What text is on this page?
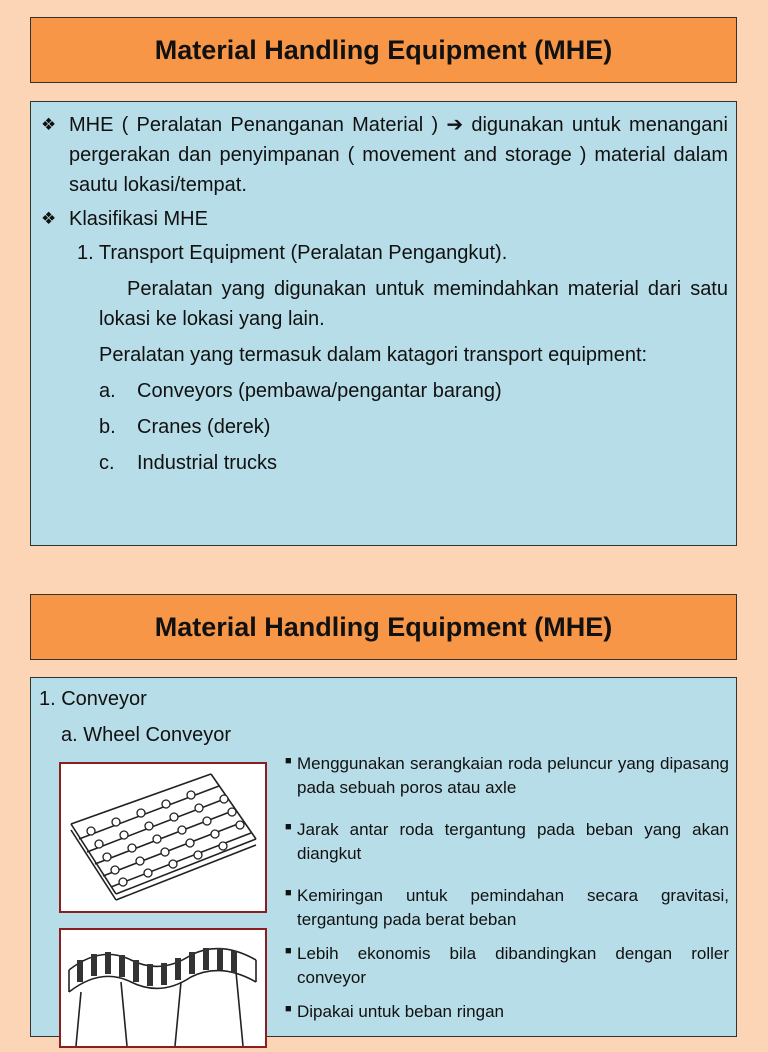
Material Handling Equipment (MHE)
❖ MHE ( Peralatan Penanganan Material ) ➔ digunakan untuk menangani pergerakan dan penyimpanan ( movement and storage ) material dalam sautu lokasi/tempat.
❖ Klasifikasi MHE
1. Transport Equipment (Peralatan Pengangkut).
Peralatan yang digunakan untuk memindahkan material dari satu lokasi ke lokasi yang lain.
Peralatan yang termasuk dalam katagori transport equipment:
a.	Conveyors (pembawa/pengantar barang)
b.	Cranes (derek)
c.	Industrial trucks
Material Handling Equipment (MHE)
1. Conveyor
a. Wheel Conveyor
■ Menggunakan serangkaian roda peluncur yang dipasang pada sebuah poros atau axle
■ Jarak antar roda tergantung pada beban yang akan diangkut
■ Kemiringan untuk pemindahan secara gravitasi, tergantung pada berat beban
■ Lebih ekonomis bila dibandingkan dengan roller conveyor
■ Dipakai untuk beban ringan
